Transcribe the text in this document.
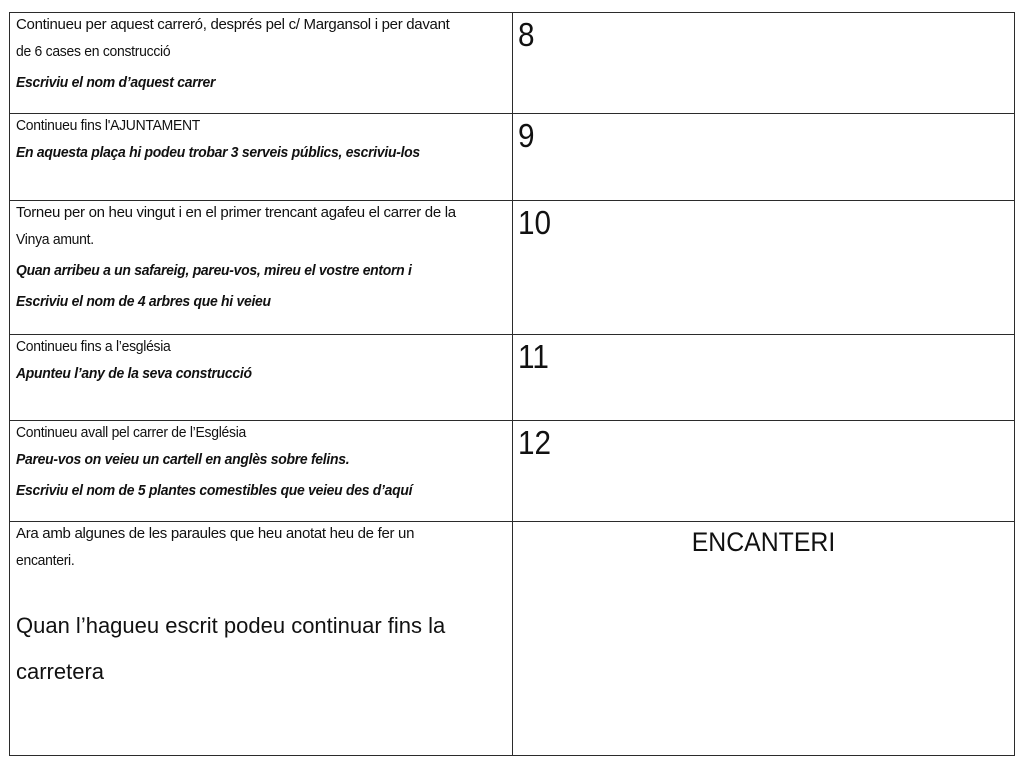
Continueu per aquest carreró, després pel c/ Margansol i per davant
de 6 cases en construcció
Escriviu el nom d’aquest carrer
8
Continueu fins l'AJUNTAMENT
En aquesta plaça hi podeu trobar 3 serveis públics, escriviu-los	9
Torneu per on heu vingut i en el primer trencant agafeu el carrer de la
Vinya amunt.
Quan arribeu a un safareig, pareu-vos, mireu el vostre entorn i
Escriviu el nom de 4 arbres que hi veieu
10
Continueu fins a l’església
Apunteu l’any de la seva construcció	11
Continueu avall pel carrer de l’Església
Pareu-vos on veieu un cartell en anglès sobre felins.
Escriviu el nom de 5 plantes comestibles que veieu des d’aquí
12
Ara amb algunes de les paraules que heu anotat heu de fer un
encanteri.
Quan l’hagueu escrit podeu continuar fins la
carretera
ENCANTERI
